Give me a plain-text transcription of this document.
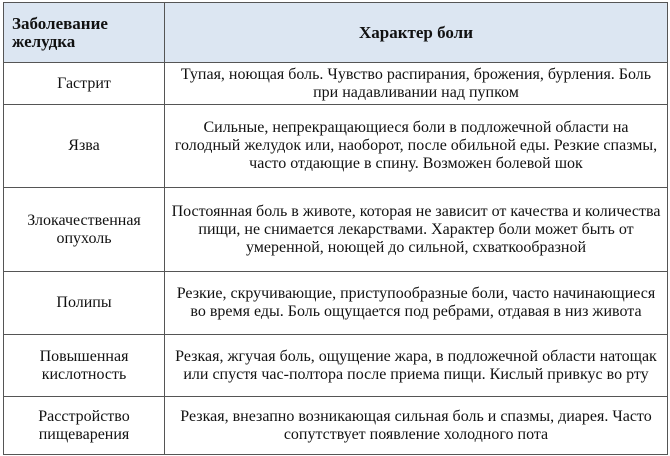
Заболевание желудка	Характер боли
Гастрит	Тупая, ноющая боль. Чувство распирания, брожения, бурления. Боль при надавливании над пупком
Язва	Сильные, непрекращающиеся боли в подложечной области на голодный желудок или, наоборот, после обильной еды. Резкие спазмы, часто отдающие в спину. Возможен болевой шок
Злокачественная опухоль	Постоянная боль в животе, которая не зависит от качества и количества пищи, не снимается лекарствами. Характер боли может быть от умеренной, ноющей до сильной, схваткообразной
Полипы	Резкие, скручивающие, приступообразные боли, часто начинающиеся во время еды. Боль ощущается под ребрами, отдавая в низ живота
Повышенная кислотность	Резкая, жгучая боль, ощущение жара, в подложечной области натощак или спустя час-полтора после приема пищи. Кислый привкус во рту
Расстройство пищеварения	Резкая, внезапно возникающая сильная боль и спазмы, диарея. Часто сопутствует появление холодного пота
